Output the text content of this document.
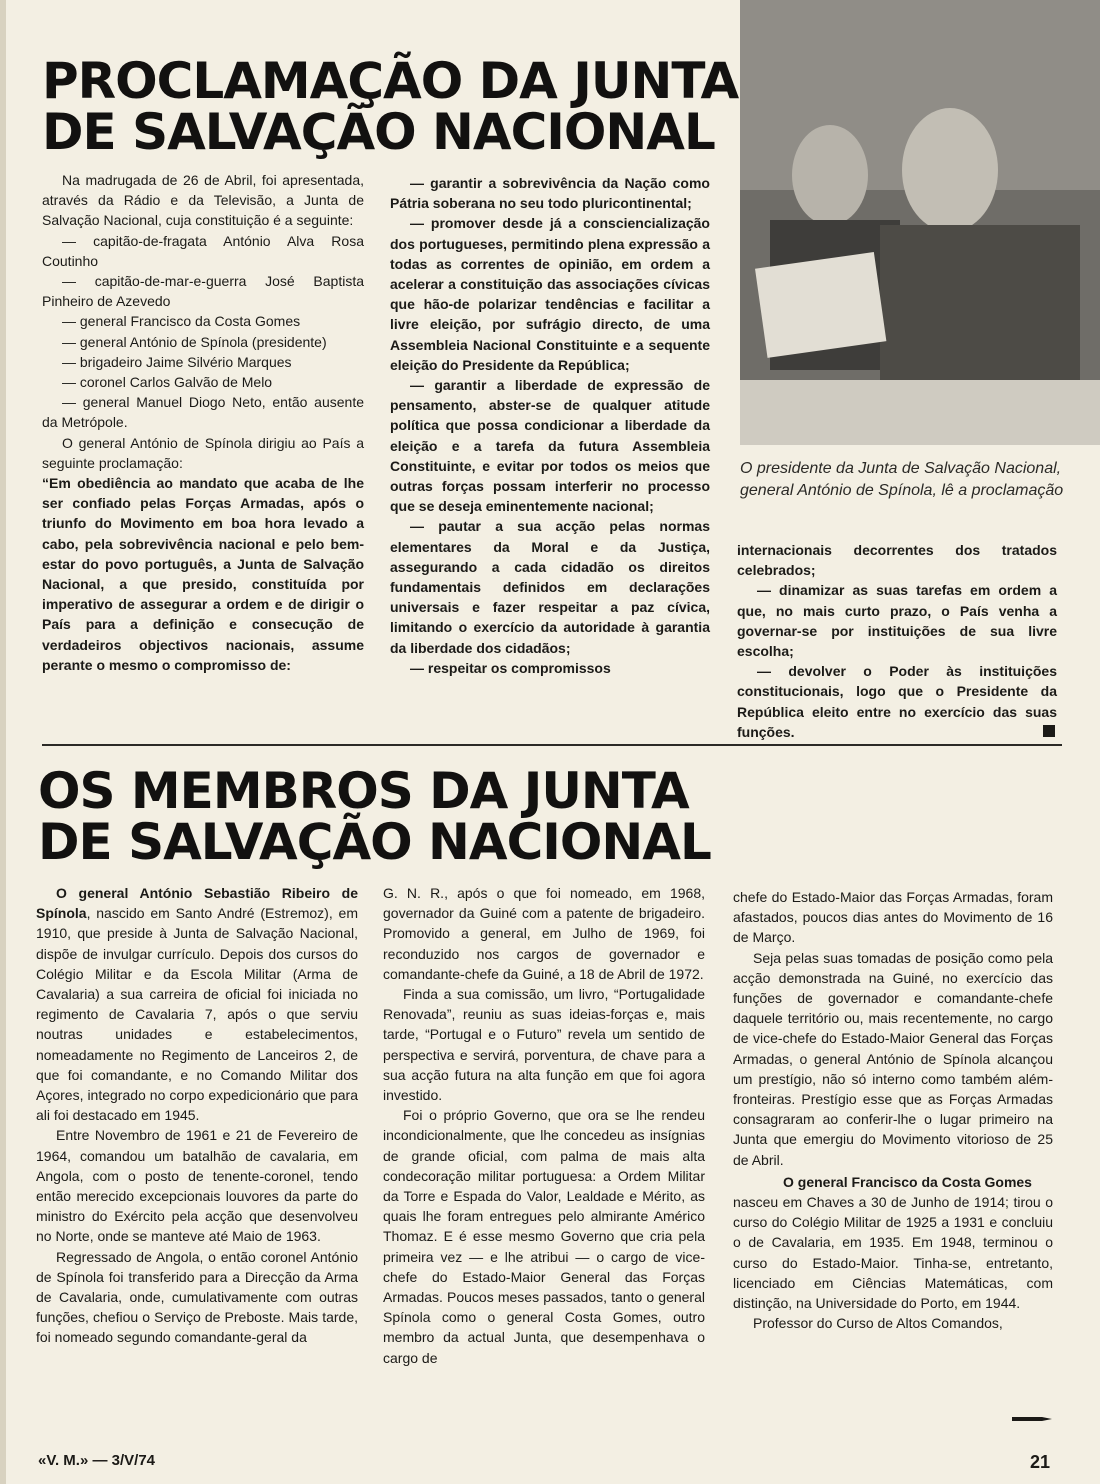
PROCLAMAÇÃO DA JUNTA
DE SALVAÇÃO NACIONAL

Na madrugada de 26 de Abril, foi apresentada, através da Rádio e da Televisão, a Junta de Salvação Nacional, cuja constituição é a seguinte:

— capitão-de-fragata António Alva Rosa Coutinho

— capitão-de-mar-e-guerra José Baptista Pinheiro de Azevedo

— general Francisco da Costa Gomes

— general António de Spínola (presidente)

— brigadeiro Jaime Silvério Marques

— coronel Carlos Galvão de Melo

— general Manuel Diogo Neto, então ausente da Metrópole.

O general António de Spínola dirigiu ao País a seguinte proclamação:

“Em obediência ao mandato que acaba de lhe ser confiado pelas Forças Armadas, após o triunfo do Movimento em boa hora levado a cabo, pela sobrevivência nacional e pelo bem-estar do povo português, a Junta de Salvação Nacional, a que presido, constituída por imperativo de assegurar a ordem e de dirigir o País para a definição e consecução de verdadeiros objectivos nacionais, assume perante o mesmo o compromisso de:

— garantir a sobrevivência da Nação como Pátria soberana no seu todo pluricontinental;

— promover desde já a consciencialização dos portugueses, permitindo plena expressão a todas as correntes de opinião, em ordem a acelerar a constituição das associações cívicas que hão-de polarizar tendências e facilitar a livre eleição, por sufrágio directo, de uma Assembleia Nacional Constituinte e a sequente eleição do Presidente da República;

— garantir a liberdade de expressão de pensamento, abster-se de qualquer atitude política que possa condicionar a liberdade da eleição e a tarefa da futura Assembleia Constituinte, e evitar por todos os meios que outras forças possam interferir no processo que se deseja eminentemente nacional;

— pautar a sua acção pelas normas elementares da Moral e da Justiça, assegurando a cada cidadão os direitos fundamentais definidos em declarações universais e fazer respeitar a paz cívica, limitando o exercício da autoridade à garantia da liberdade dos cidadãos;

— respeitar os compromissos

O presidente da Junta de Salvação Nacional, general António de Spínola, lê a proclamação

internacionais decorrentes dos tratados celebrados;

— dinamizar as suas tarefas em ordem a que, no mais curto prazo, o País venha a governar-se por instituições de sua livre escolha;

— devolver o Poder às instituições constitucionais, logo que o Presidente da República eleito entre no exercício das suas funções.

OS MEMBROS DA JUNTA
DE SALVAÇÃO NACIONAL

O general António Sebastião Ribeiro de Spínola, nascido em Santo André (Estremoz), em 1910, que preside à Junta de Salvação Nacional, dispõe de invulgar currículo. Depois dos cursos do Colégio Militar e da Escola Militar (Arma de Cavalaria) a sua carreira de oficial foi iniciada no regimento de Cavalaria 7, após o que serviu noutras unidades e estabelecimentos, nomeadamente no Regimento de Lanceiros 2, de que foi comandante, e no Comando Militar dos Açores, integrado no corpo expedicionário que para ali foi destacado em 1945.

Entre Novembro de 1961 e 21 de Fevereiro de 1964, comandou um batalhão de cavalaria, em Angola, com o posto de tenente-coronel, tendo então merecido excepcionais louvores da parte do ministro do Exército pela acção que desenvolveu no Norte, onde se manteve até Maio de 1963.

Regressado de Angola, o então coronel António de Spínola foi transferido para a Direcção da Arma de Cavalaria, onde, cumulativamente com outras funções, chefiou o Serviço de Preboste. Mais tarde, foi nomeado segundo comandante-geral da

G. N. R., após o que foi nomeado, em 1968, governador da Guiné com a patente de brigadeiro. Promovido a general, em Julho de 1969, foi reconduzido nos cargos de governador e comandante-chefe da Guiné, a 18 de Abril de 1972.

Finda a sua comissão, um livro, “Portugalidade Renovada”, reuniu as suas ideias-forças e, mais tarde, “Portugal e o Futuro” revela um sentido de perspectiva e servirá, porventura, de chave para a sua acção futura na alta função em que foi agora investido.

Foi o próprio Governo, que ora se lhe rendeu incondicionalmente, que lhe concedeu as insígnias de grande oficial, com palma de mais alta condecoração militar portuguesa: a Ordem Militar da Torre e Espada do Valor, Lealdade e Mérito, as quais lhe foram entregues pelo almirante Américo Thomaz. E é esse mesmo Governo que cria pela primeira vez — e lhe atribui — o cargo de vice-chefe do Estado-Maior General das Forças Armadas. Poucos meses passados, tanto o general Spínola como o general Costa Gomes, outro membro da actual Junta, que desempenhava o cargo de

chefe do Estado-Maior das Forças Armadas, foram afastados, poucos dias antes do Movimento de 16 de Março.

Seja pelas suas tomadas de posição como pela acção demonstrada na Guiné, no exercício das funções de governador e comandante-chefe daquele território ou, mais recentemente, no cargo de vice-chefe do Estado-Maior General das Forças Armadas, o general António de Spínola alcançou um prestígio, não só interno como também além-fronteiras. Prestígio esse que as Forças Armadas consagraram ao conferir-lhe o lugar primeiro na Junta que emergiu do Movimento vitorioso de 25 de Abril.

O general Francisco da Costa Gomes

nasceu em Chaves a 30 de Junho de 1914; tirou o curso do Colégio Militar de 1925 a 1931 e concluiu o de Cavalaria, em 1935. Em 1948, terminou o curso do Estado-Maior. Tinha-se, entretanto, licenciado em Ciências Matemáticas, com distinção, na Universidade do Porto, em 1944.

Professor do Curso de Altos Comandos,

«V. M.» — 3/V/74	21
